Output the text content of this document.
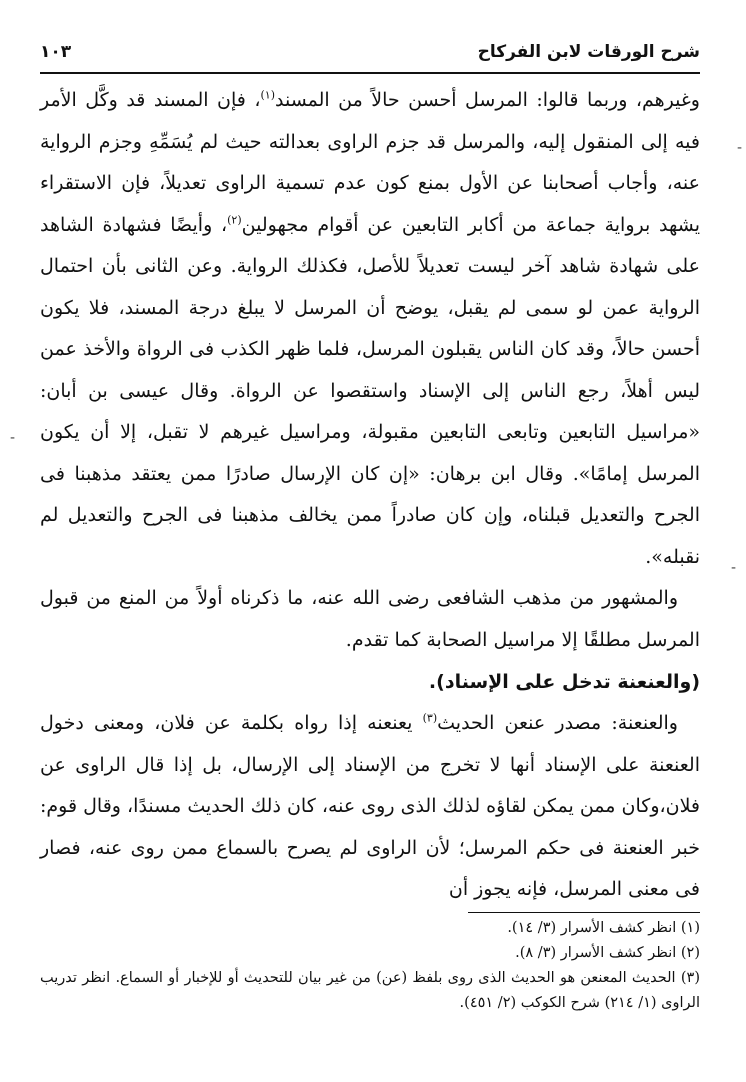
شرح الورقات لابن الفركاح
١٠٣

وغيرهم، وربما قالوا: المرسل أحسن حالاً من المسند$^{(١)}$، فإن المسند قد وكَّل الأمر فيه إلى المنقول إليه، والمرسل قد جزم الراوى بعدالته حيث لم يُسَمِّهِ وجزم الرواية عنه، وأجاب أصحابنا عن الأول بمنع كون عدم تسمية الراوى تعديلاً، فإن الاستقراء يشهد برواية جماعة من أكابر التابعين عن أقوام مجهولين$^{(٢)}$، وأيضًا فشهادة الشاهد على شهادة شاهد آخر ليست تعديلاً للأصل، فكذلك الرواية. وعن الثانى بأن احتمال الرواية عمن لو سمى لم يقبل، يوضح أن المرسل لا يبلغ درجة المسند، فلا يكون أحسن حالاً، وقد كان الناس يقبلون المرسل، فلما ظهر الكذب فى الرواة والأخذ عمن ليس أهلاً، رجع الناس إلى الإسناد واستقصوا عن الرواة. وقال عيسى بن أبان: «مراسيل التابعين وتابعى التابعين مقبولة، ومراسيل غيرهم لا تقبل، إلا أن يكون المرسل إمامًا». وقال ابن برهان: «إن كان الإرسال صادرًا ممن يعتقد مذهبنا فى الجرح والتعديل قبلناه، وإن كان صادراً ممن يخالف مذهبنا فى الجرح والتعديل لم نقبله».

والمشهور من مذهب الشافعى رضى الله عنه، ما ذكرناه أولاً من المنع من قبول المرسل مطلقًا إلا مراسيل الصحابة كما تقدم.

(والعنعنة تدخل على الإسناد).

والعنعنة: مصدر عنعن الحديث$^{(٣)}$ يعنعنه إذا رواه بكلمة عن فلان، ومعنى دخول العنعنة على الإسناد أنها لا تخرج من الإسناد إلى الإرسال، بل إذا قال الراوى عن فلان،وكان ممن يمكن لقاؤه لذلك الذى روى عنه، كان ذلك الحديث مسندًا، وقال قوم: خبر العنعنة فى حكم المرسل؛ لأن الراوى لم يصرح بالسماع ممن روى عنه، فصار فى معنى المرسل، فإنه يجوز أن

(١) انظر كشف الأسرار (٣/ ١٤).

(٢) انظر كشف الأسرار (٣/ ٨).

(٣) الحديث المعنعن هو الحديث الذى روى بلفظ (عن) من غير بيان للتحديث أو للإخبار أو السماع. انظر تدريب الراوى (١/ ٢١٤) شرح الكوكب (٢/ ٤٥١).

-
-
-
